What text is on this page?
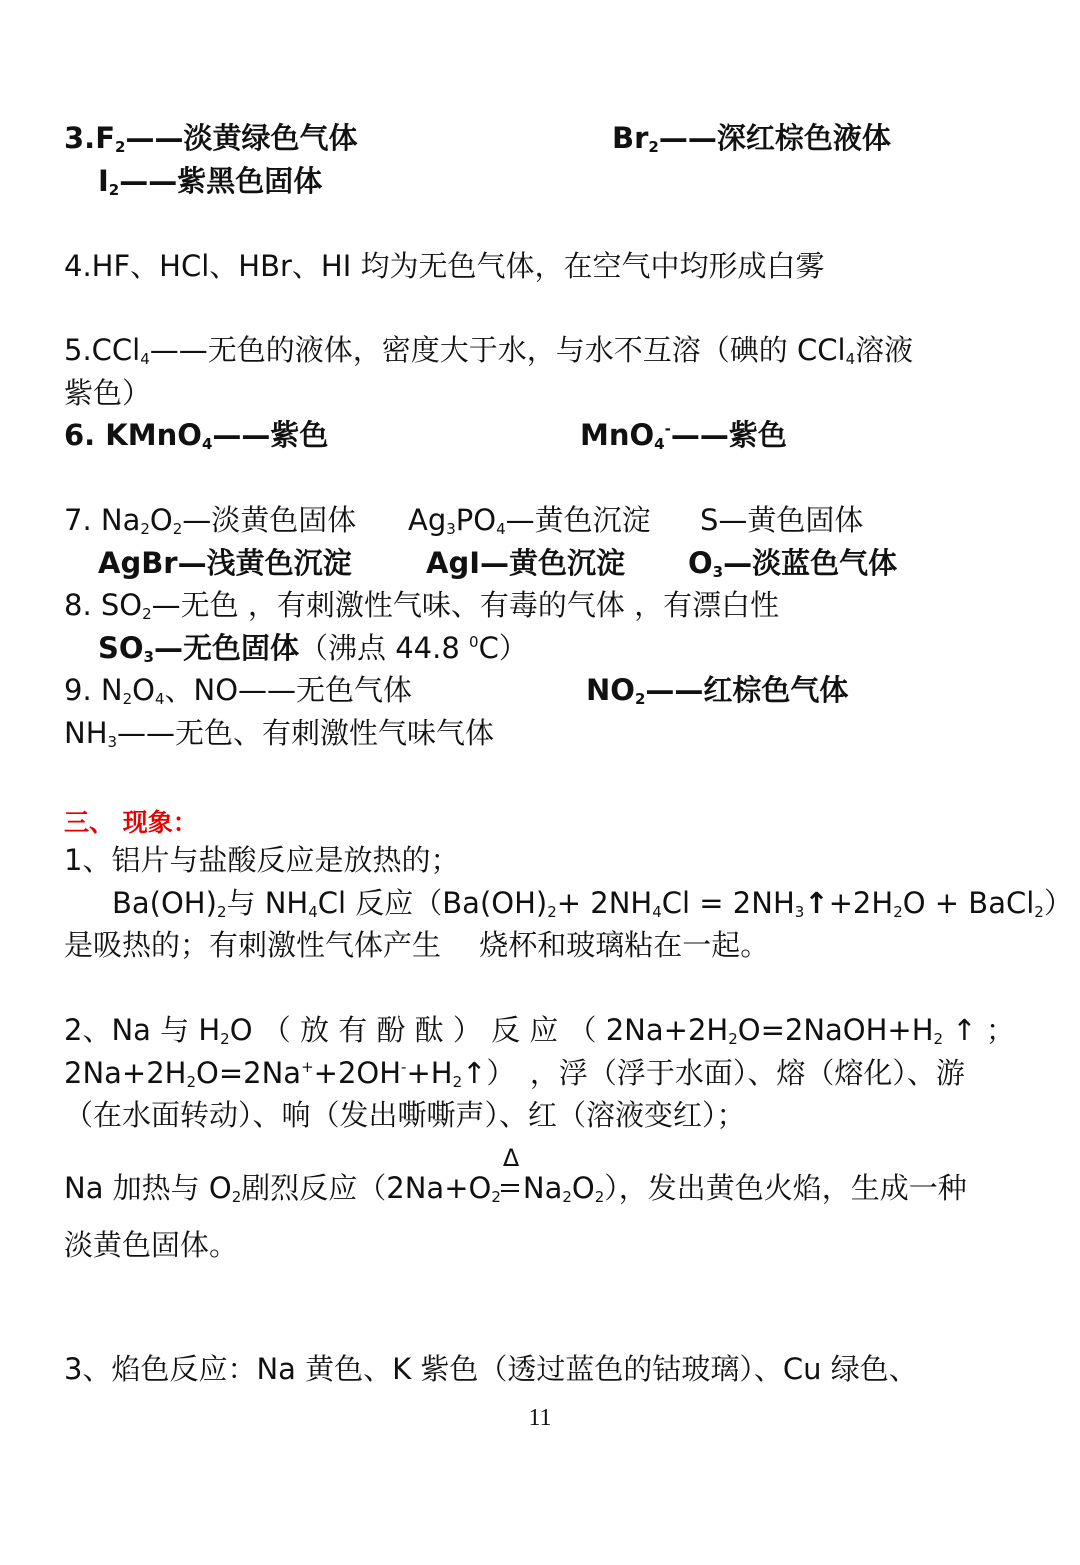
$3.F_2——$淡黄绿色气体	$Br_2——$深红棕色液体
$I_2——$紫黑色固体
4.HF、HCl、HBr、HI 均为无色气体，在空气中均形成白雾
5.CCl$_4$——无色的液体，密度大于水，与水不互溶（碘的 CCl$_4$溶液
紫色）
6. KMnO$_4$——紫色	MnO$_4$-——紫色
7. $Na_2O_2—$淡黄色固体 $Ag_3PO_4—$黄色沉淀 S—黄色固体
AgBr—浅黄色沉淀	AgI—黄色沉淀 $O_3—$淡蓝色气体
8. $SO_2—$无色 ，有刺激性气味、有毒的气体 ，有漂白性
$SO_3—$无色固体（沸点 44.8 $^0$C）
9. $N_2O_4$、NO——无色气体	$NO_2——$红棕色气体
$NH_3——$无色、有刺激性气味气体
三、 现象：
1、铝片与盐酸反应是放热的；
$Ba(OH)_2$与 $NH_4Cl$ 反应（$Ba(OH)_2+ 2NH_4Cl$ = $2NH_3↑+2H_2O$ + BaCl$_2$）
是吸热的；有刺激性气体产生　 烧杯和玻璃粘在一起。
2、Na 与 $H_2O$ （ 放 有 酚 酞 ） 反 应 （ $2Na+2H_2O=2NaOH+H_2$ ↑ ；
$2Na+2H_2O=2Na^++2OH^-+H_2↑$）　，浮（浮于水面）、熔（熔化）、游
（在水面转动）、响（发出嘶嘶声）、红（溶液变红）；
Na 加热与 $O_2$剧烈反应（$2Na+O_2$
Δ
$Na_2O_2$），发出黄色火焰，生成一种
淡黄色固体。
3、焰色反应：Na 黄色、K 紫色（透过蓝色的钴玻璃）、Cu 绿色、
11
